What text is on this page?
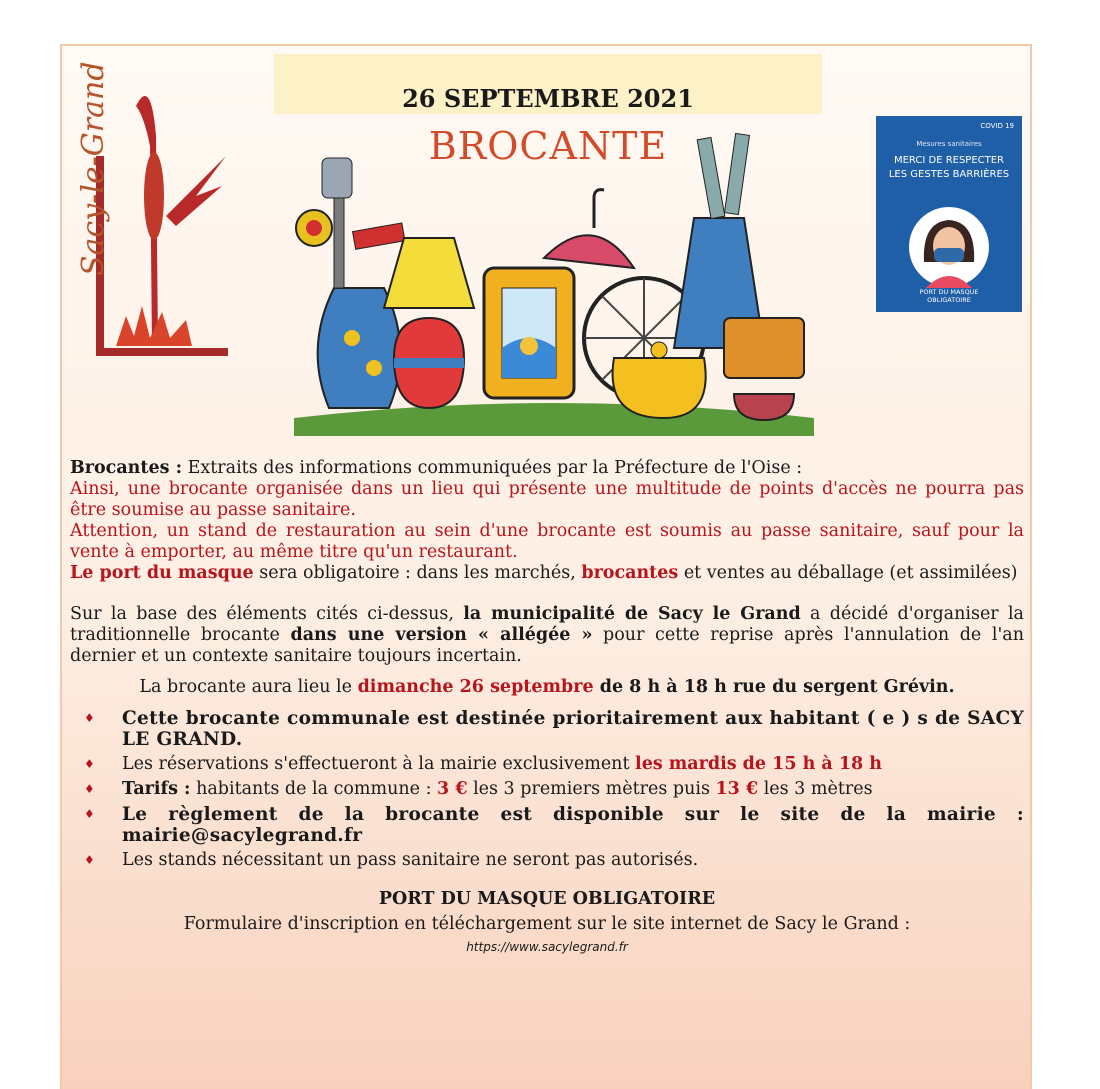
Sacy-le-Grand	26 SEPTEMBRE 2021
BROCANTE	COVID 19
Mesures sanitaires
MERCI DE RESPECTER
LES GESTES BARRIÈRES
PORT DU MASQUE
OBLIGATOIRE

Brocantes : Extraits des informations communiquées par la Préfecture de l'Oise :

Ainsi, une brocante organisée dans un lieu qui présente une multitude de points d'accès ne pourra pas être soumise au passe sanitaire.

Attention, un stand de restauration au sein d'une brocante est soumis au passe sanitaire, sauf pour la vente à emporter, au même titre qu'un restaurant.

Le port du masque sera obligatoire : dans les marchés, brocantes et ventes au déballage (et assimilées)

Sur la base des éléments cités ci-dessus, la municipalité de Sacy le Grand a décidé d'organiser la traditionnelle brocante dans une version « allégée » pour cette reprise après l'annulation de l'an dernier et un contexte sanitaire toujours incertain.

La brocante aura lieu le dimanche 26 septembre de 8 h à 18 h rue du sergent Grévin.

♦ Cette brocante communale est destinée prioritairement aux habitant ( e ) s de SACY LE GRAND.
♦ Les réservations s'effectueront à la mairie exclusivement les mardis de 15 h à 18 h
♦ Tarifs : habitants de la commune : 3 € les 3 premiers mètres puis 13 € les 3 mètres
♦ Le règlement de la brocante est disponible sur le site de la mairie : mairie@sacylegrand.fr
♦ Les stands nécessitant un pass sanitaire ne seront pas autorisés.
PORT DU MASQUE OBLIGATOIRE
Formulaire d'inscription en téléchargement sur le site internet de Sacy le Grand :
https://www.sacylegrand.fr
